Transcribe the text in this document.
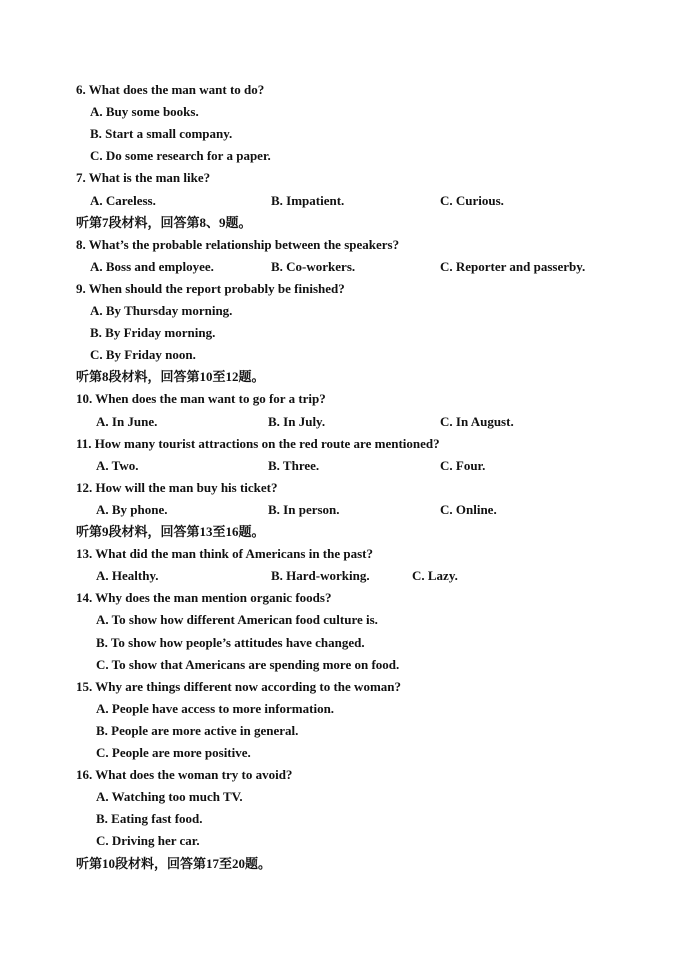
6. What does the man want to do?
A. Buy some books.
B. Start a small company.
C. Do some research for a paper.
7. What is the man like?
A. Careless.	B. Impatient.	C. Curious.
听第7段材料，回答第8、9题。
8. What’s the probable relationship between the speakers?
A. Boss and employee.	B. Co-workers.	C. Reporter and passerby.
9. When should the report probably be finished?
A. By Thursday morning.
B. By Friday morning.
C. By Friday noon.
听第8段材料，回答第10至12题。
10. When does the man want to go for a trip?
A. In June.	B. In July.	C. In August.
11. How many tourist attractions on the red route are mentioned?
A. Two.	B. Three.	C. Four.
12. How will the man buy his ticket?
A. By phone.	B. In person.	C. Online.
听第9段材料，回答第13至16题。
13. What did the man think of Americans in the past?
A. Healthy.	B. Hard-working.	C. Lazy.
14. Why does the man mention organic foods?
A. To show how different American food culture is.
B. To show how people’s attitudes have changed.
C. To show that Americans are spending more on food.
15. Why are things different now according to the woman?
A. People have access to more information.
B. People are more active in general.
C. People are more positive.
16. What does the woman try to avoid?
A. Watching too much TV.
B. Eating fast food.
C. Driving her car.
听第10段材料，回答第17至20题。
